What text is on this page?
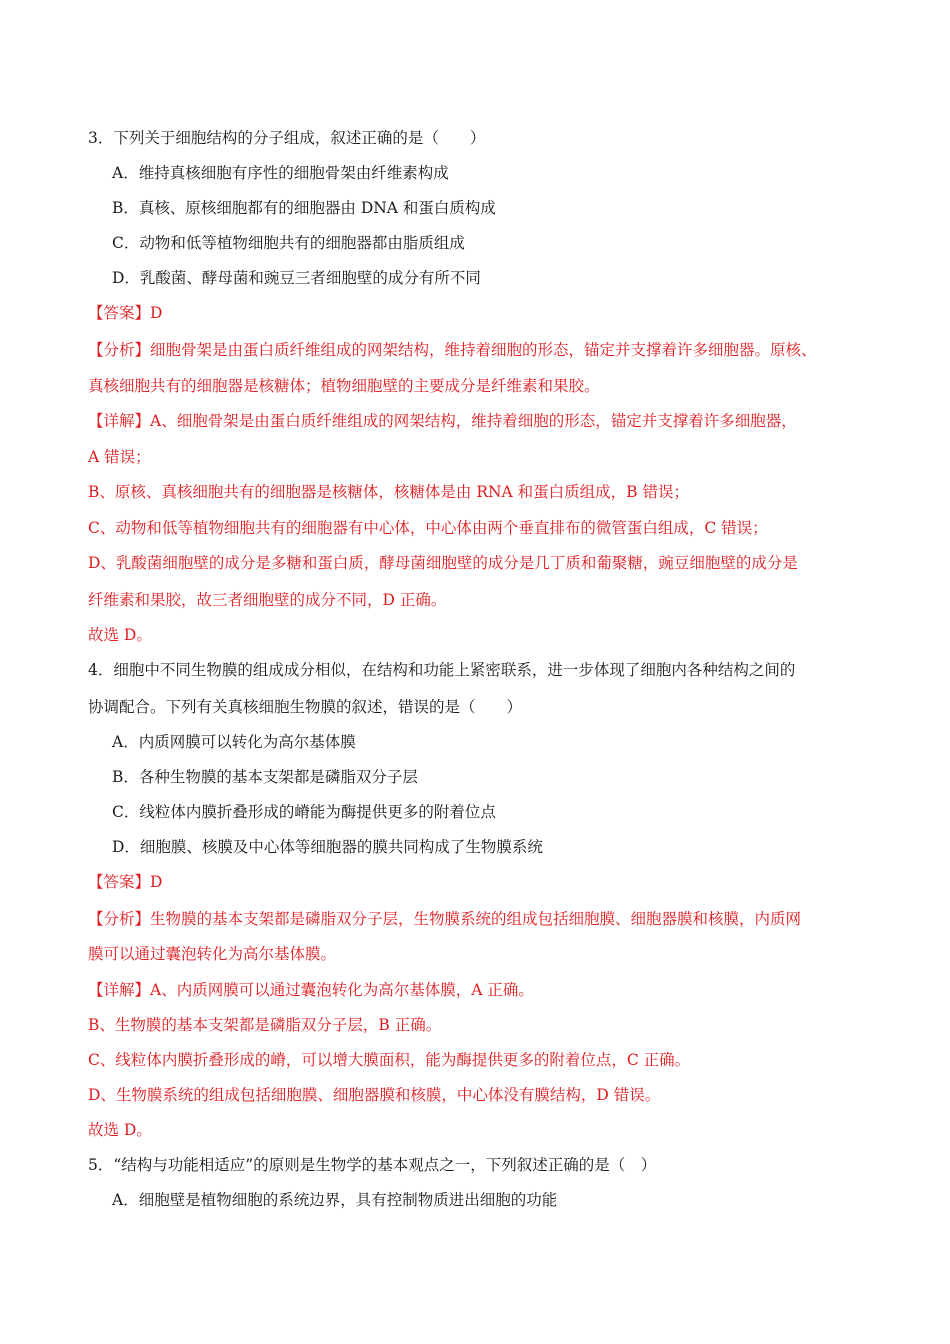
3．下列关于细胞结构的分子组成，叙述正确的是（　　）
A．维持真核细胞有序性的细胞骨架由纤维素构成
B．真核、原核细胞都有的细胞器由 DNA 和蛋白质构成
C．动物和低等植物细胞共有的细胞器都由脂质组成
D．乳酸菌、酵母菌和豌豆三者细胞壁的成分有所不同
【答案】D
【分析】细胞骨架是由蛋白质纤维组成的网架结构，维持着细胞的形态，锚定并支撑着许多细胞器。原核、
真核细胞共有的细胞器是核糖体；植物细胞壁的主要成分是纤维素和果胶。
【详解】A、细胞骨架是由蛋白质纤维组成的网架结构，维持着细胞的形态，锚定并支撑着许多细胞器，
A 错误；
B、原核、真核细胞共有的细胞器是核糖体，核糖体是由 RNA 和蛋白质组成，B 错误；
C、动物和低等植物细胞共有的细胞器有中心体，中心体由两个垂直排布的微管蛋白组成，C 错误；
D、乳酸菌细胞壁的成分是多糖和蛋白质，酵母菌细胞壁的成分是几丁质和葡聚糖，豌豆细胞壁的成分是
纤维素和果胶，故三者细胞壁的成分不同，D 正确。
故选 D。
4．细胞中不同生物膜的组成成分相似，在结构和功能上紧密联系，进一步体现了细胞内各种结构之间的
协调配合。下列有关真核细胞生物膜的叙述，错误的是（　　）
A．内质网膜可以转化为高尔基体膜
B．各种生物膜的基本支架都是磷脂双分子层
C．线粒体内膜折叠形成的嵴能为酶提供更多的附着位点
D．细胞膜、核膜及中心体等细胞器的膜共同构成了生物膜系统
【答案】D
【分析】生物膜的基本支架都是磷脂双分子层，生物膜系统的组成包括细胞膜、细胞器膜和核膜，内质网
膜可以通过囊泡转化为高尔基体膜。
【详解】A、内质网膜可以通过囊泡转化为高尔基体膜，A 正确。
B、生物膜的基本支架都是磷脂双分子层，B 正确。
C、线粒体内膜折叠形成的嵴，可以增大膜面积，能为酶提供更多的附着位点，C 正确。
D、生物膜系统的组成包括细胞膜、细胞器膜和核膜，中心体没有膜结构，D 错误。
故选 D。
5．“结构与功能相适应”的原则是生物学的基本观点之一，下列叙述正确的是（　）
A．细胞壁是植物细胞的系统边界，具有控制物质进出细胞的功能
